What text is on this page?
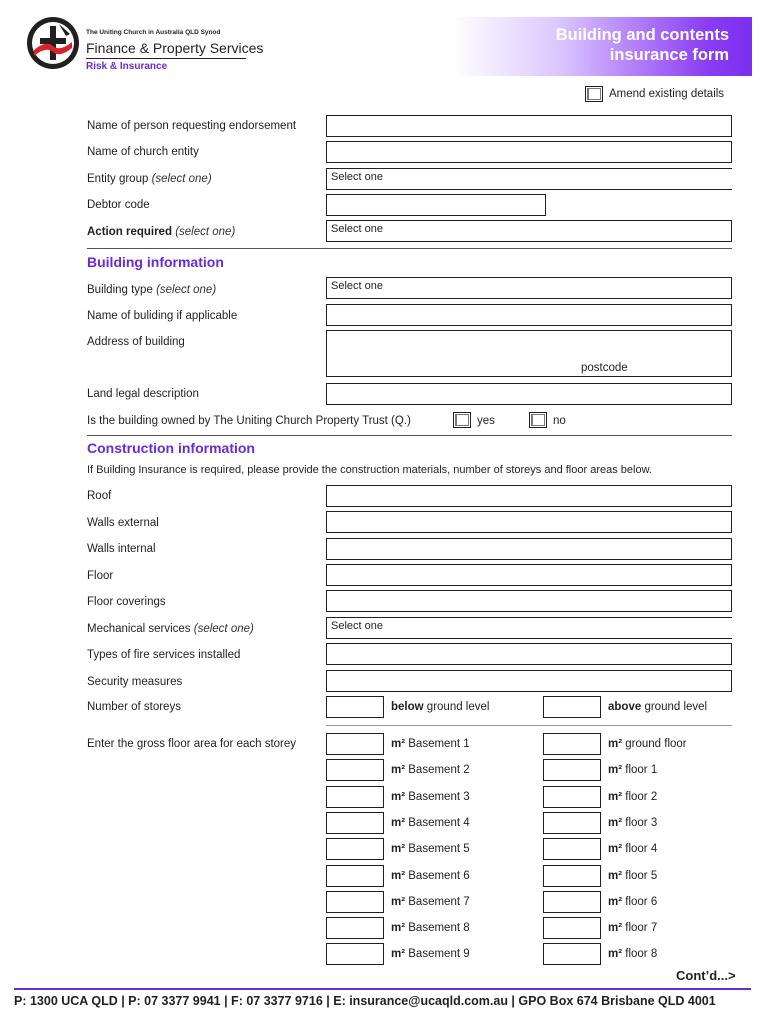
The Uniting Church in Australia QLD Synod
Finance & Property Services
Risk & Insurance
Building and contents
insurance form
Amend existing details
Name of person requesting endorsement
Name of church entity
Entity group (select one)	Select one
Debtor code
Action required (select one)	Select one
Building information
Building type (select one)	Select one
Name of buliding if applicable
Address of building
postcode
Land legal description
Is the building owned by The Uniting Church Property Trust (Q.)	yes	no
Construction information
If Building Insurance is required, please provide the construction materials, number of storeys and floor areas below.
Roof
Walls external
Walls internal
Floor
Floor coverings
Mechanical services (select one)	Select one
Types of fire services installed
Security measures
Number of storeys	below ground level	above ground level
Enter the gross floor area for each storey	m² Basement 1	m² ground floor
m² Basement 2	m² floor 1
m² Basement 3	m² floor 2
m² Basement 4	m² floor 3
m² Basement 5	m² floor 4
m² Basement 6	m² floor 5
m² Basement 7	m² floor 6
m² Basement 8	m² floor 7
m² Basement 9	m² floor 8
Cont’d...>
P: 1300 UCA QLD | P: 07 3377 9941 | F: 07 3377 9716 | E: insurance@ucaqld.com.au | GPO Box 674 Brisbane QLD 4001
